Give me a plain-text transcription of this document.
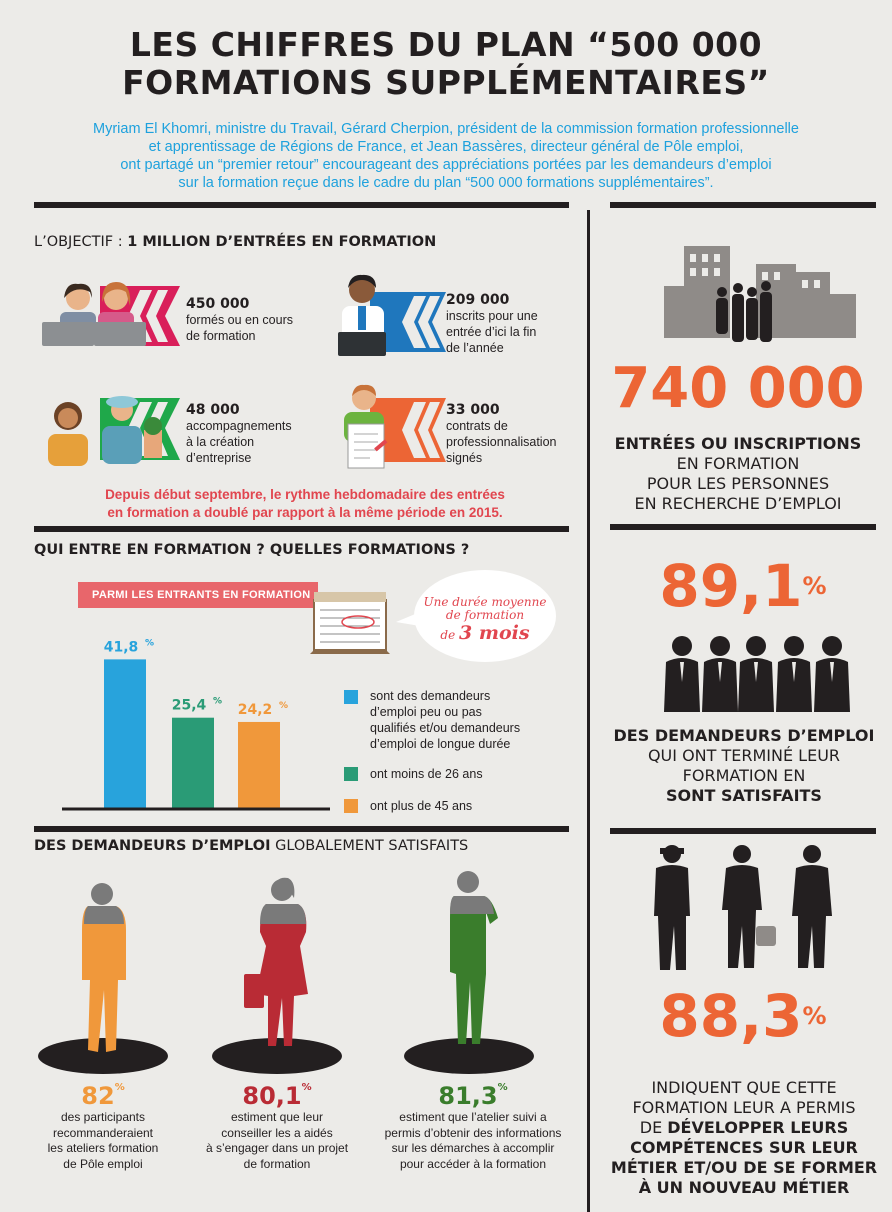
LES CHIFFRES DU PLAN “500 000
FORMATIONS SUPPLÉMENTAIRES”
Myriam El Khomri, ministre du Travail, Gérard Cherpion, président de la commission formation professionnelle
et apprentissage de Régions de France, et Jean Bassères, directeur général de Pôle emploi,
ont partagé un “premier retour” encourageant des appréciations portées par les demandeurs d’emploi
sur la formation reçue dans le cadre du plan “500 000 formations supplémentaires”.
L’OBJECTIF : 1 MILLION D’ENTRÉES EN FORMATION
450 000
formés ou en cours
de formation
209 000
inscrits pour une
entrée d’ici la fin
de l’année
48 000
accompagnements
à la création
d’entreprise
33 000
contrats de
professionnalisation
signés
Depuis début septembre, le rythme hebdomadaire des entrées
en formation a doublé par rapport à la même période en 2015.
QUI ENTRE EN FORMATION ? QUELLES FORMATIONS ?
PARMI LES ENTRANTS EN FORMATION	Une durée moyenne
de formation
de 3 mois
41,8 %
25,4 %
24,2 %
sont des demandeurs
d’emploi peu ou pas
qualifiés et/ou demandeurs
d’emploi de longue durée
ont moins de 26 ans
ont plus de 45 ans
DES DEMANDEURS D’EMPLOI GLOBALEMENT SATISFAITS
82%
des participants
recommanderaient
les ateliers formation
de Pôle emploi
80,1%
estiment que leur
conseiller les a aidés
à s’engager dans un projet
de formation
81,3%
estiment que l’atelier suivi a
permis d’obtenir des informations
sur les démarches à accomplir
pour accéder à la formation
740 000
ENTRÉES OU INSCRIPTIONS
EN FORMATION
POUR LES PERSONNES
EN RECHERCHE D’EMPLOI
89,1%
DES DEMANDEURS D’EMPLOI
QUI ONT TERMINÉ LEUR
FORMATION EN
SONT SATISFAITS
88,3%
INDIQUENT QUE CETTE
FORMATION LEUR A PERMIS
DE DÉVELOPPER LEURS
COMPÉTENCES SUR LEUR
MÉTIER ET/OU DE SE FORMER
À UN NOUVEAU MÉTIER
